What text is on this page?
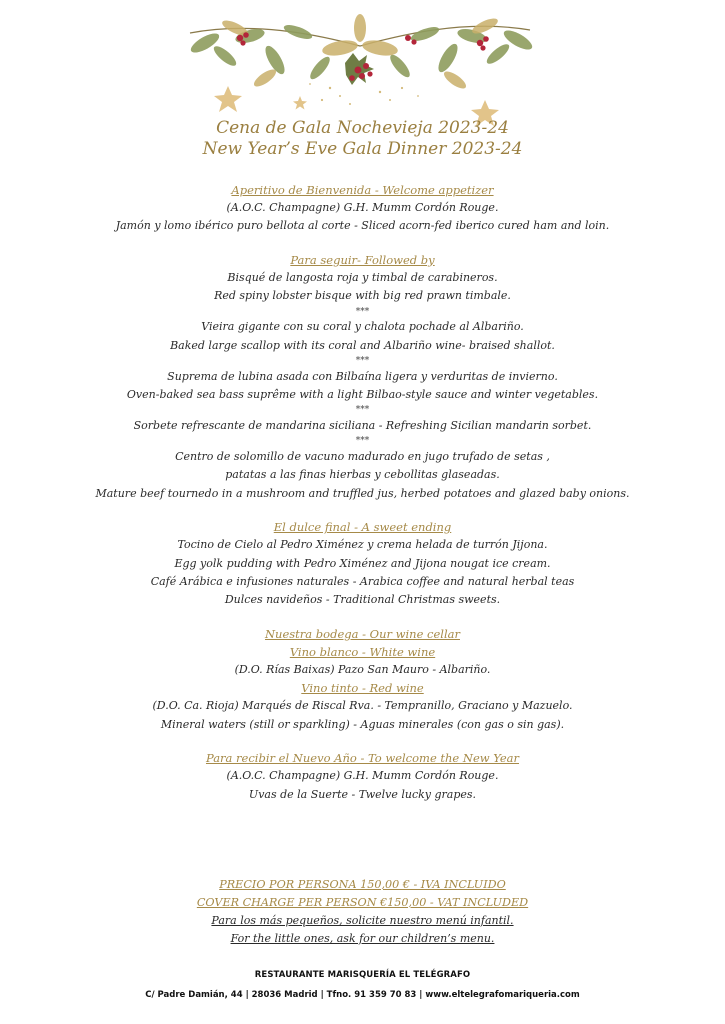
Cena de Gala Nochevieja 2023-24
New Year’s Eve Gala Dinner 2023-24
Aperitivo de Bienvenida - Welcome appetizer
(A.O.C. Champagne) G.H. Mumm Cordón Rouge.
Jamón y lomo ibérico puro bellota al corte - Sliced acorn-fed iberico cured ham and loin.
Para seguir- Followed by
Bisqué de langosta roja y timbal de carabineros.
Red spiny lobster bisque with big red prawn timbale.
***
Vieira gigante con su coral y chalota pochade al Albariño.
Baked large scallop with its coral and Albariño wine- braised shallot.
***
Suprema de lubina asada con Bilbaína ligera y verduritas de invierno.
Oven-baked sea bass suprême with a light Bilbao-style sauce and winter vegetables.
***
Sorbete refrescante de mandarina siciliana - Refreshing Sicilian mandarin sorbet.
***
Centro de solomillo de vacuno madurado en jugo trufado de setas ,
patatas a las finas hierbas y cebollitas glaseadas.
Mature beef tournedo in a mushroom and truffled jus, herbed potatoes and glazed baby onions.
El dulce final - A sweet ending
Tocino de Cielo al Pedro Ximénez y crema helada de turrón Jijona.
Egg yolk pudding with Pedro Ximénez and Jijona nougat ice cream.
Café Arábica e infusiones naturales - Arabica coffee and natural herbal teas
Dulces navideños - Traditional Christmas sweets.
Nuestra bodega - Our wine cellar
Vino blanco - White wine
(D.O. Rías Baixas) Pazo San Mauro - Albariño.
Vino tinto - Red wine
(D.O. Ca. Rioja) Marqués de Riscal Rva. - Tempranillo, Graciano y Mazuelo.
Mineral waters (still or sparkling) - Aguas minerales (con gas o sin gas).
Para recibir el Nuevo Año - To welcome the New Year
(A.O.C. Champagne) G.H. Mumm Cordón Rouge.
Uvas de la Suerte - Twelve lucky grapes.
PRECIO POR PERSONA 150,00 € - IVA INCLUIDO
COVER CHARGE PER PERSON €150,00 - VAT INCLUDED
Para los más pequeños, solicite nuestro menú infantil.
For the little ones, ask for our children’s menu.
RESTAURANTE MARISQUERÍA EL TELÉGRAFO
C/ Padre Damián, 44 | 28036 Madrid | Tfno. 91 359 70 83 | www.eltelegrafomariqueria.com
